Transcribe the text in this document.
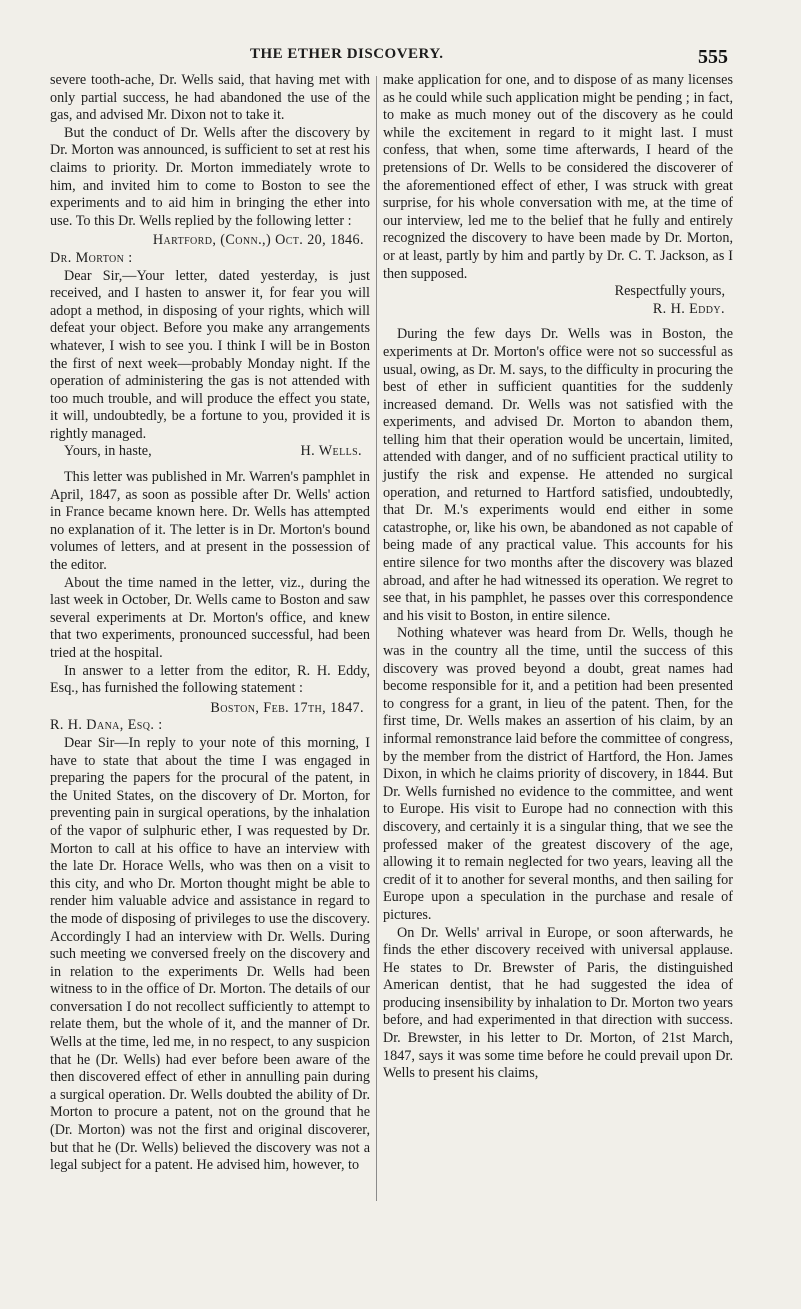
THE ETHER DISCOVERY.	555

severe tooth-ache, Dr. Wells said, that having met with only partial success, he had abandoned the use of the gas, and advised Mr. Dixon not to take it.

But the conduct of Dr. Wells after the discovery by Dr. Morton was announced, is sufficient to set at rest his claims to priority. Dr. Morton immediately wrote to him, and invited him to come to Boston to see the experiments and to aid him in bringing the ether into use. To this Dr. Wells replied by the following letter :

Hartford, (Conn.,) Oct. 20, 1846.

Dr. Morton :

Dear Sir,—Your letter, dated yesterday, is just received, and I hasten to answer it, for fear you will adopt a method, in disposing of your rights, which will defeat your object. Before you make any arrangements whatever, I wish to see you. I think I will be in Boston the first of next week—probably Monday night. If the operation of administering the gas is not attended with too much trouble, and will produce the effect you state, it will, undoubtedly, be a fortune to you, provided it is rightly managed.

Yours, in haste,	H. Wells.

This letter was published in Mr. Warren's pamphlet in April, 1847, as soon as possible after Dr. Wells' action in France became known here. Dr. Wells has attempted no explanation of it. The letter is in Dr. Morton's bound volumes of letters, and at present in the possession of the editor.

About the time named in the letter, viz., during the last week in October, Dr. Wells came to Boston and saw several experiments at Dr. Morton's office, and knew that two experiments, pronounced successful, had been tried at the hospital.

In answer to a letter from the editor, R. H. Eddy, Esq., has furnished the following statement :

Boston, Feb. 17th, 1847.

R. H. Dana, Esq. :

Dear Sir—In reply to your note of this morning, I have to state that about the time I was engaged in preparing the papers for the procural of the patent, in the United States, on the discovery of Dr. Morton, for preventing pain in surgical operations, by the inhalation of the vapor of sulphuric ether, I was requested by Dr. Morton to call at his office to have an interview with the late Dr. Horace Wells, who was then on a visit to this city, and who Dr. Morton thought might be able to render him valuable advice and assistance in regard to the mode of disposing of privileges to use the discovery. Accordingly I had an interview with Dr. Wells. During such meeting we conversed freely on the discovery and in relation to the experiments Dr. Wells had been witness to in the office of Dr. Morton. The details of our conversation I do not recollect sufficiently to attempt to relate them, but the whole of it, and the manner of Dr. Wells at the time, led me, in no respect, to any suspicion that he (Dr. Wells) had ever before been aware of the then discovered effect of ether in annulling pain during a surgical operation. Dr. Wells doubted the ability of Dr. Morton to procure a patent, not on the ground that he (Dr. Morton) was not the first and original discoverer, but that he (Dr. Wells) believed the discovery was not a legal subject for a patent. He advised him, however, to

make application for one, and to dispose of as many licenses as he could while such application might be pending ; in fact, to make as much money out of the discovery as he could while the excitement in regard to it might last. I must confess, that when, some time afterwards, I heard of the pretensions of Dr. Wells to be considered the discoverer of the aforementioned effect of ether, I was struck with great surprise, for his whole conversation with me, at the time of our interview, led me to the belief that he fully and entirely recognized the discovery to have been made by Dr. Morton, or at least, partly by him and partly by Dr. C. T. Jackson, as I then supposed.

Respectfully yours,
R. H. Eddy.

During the few days Dr. Wells was in Boston, the experiments at Dr. Morton's office were not so successful as usual, owing, as Dr. M. says, to the difficulty in procuring the best of ether in sufficient quantities for the suddenly increased demand. Dr. Wells was not satisfied with the experiments, and advised Dr. Morton to abandon them, telling him that their operation would be uncertain, limited, attended with danger, and of no sufficient practical utility to justify the risk and expense. He attended no surgical operation, and returned to Hartford satisfied, undoubtedly, that Dr. M.'s experiments would end either in some catastrophe, or, like his own, be abandoned as not capable of being made of any practical value. This accounts for his entire silence for two months after the discovery was blazed abroad, and after he had witnessed its operation. We regret to see that, in his pamphlet, he passes over this correspondence and his visit to Boston, in entire silence.

Nothing whatever was heard from Dr. Wells, though he was in the country all the time, until the success of this discovery was proved beyond a doubt, great names had become responsible for it, and a petition had been presented to congress for a grant, in lieu of the patent. Then, for the first time, Dr. Wells makes an assertion of his claim, by an informal remonstrance laid before the committee of congress, by the member from the district of Hartford, the Hon. James Dixon, in which he claims priority of discovery, in 1844. But Dr. Wells furnished no evidence to the committee, and went to Europe. His visit to Europe had no connection with this discovery, and certainly it is a singular thing, that we see the professed maker of the greatest discovery of the age, allowing it to remain neglected for two years, leaving all the credit of it to another for several months, and then sailing for Europe upon a speculation in the purchase and resale of pictures.

On Dr. Wells' arrival in Europe, or soon afterwards, he finds the ether discovery received with universal applause. He states to Dr. Brewster of Paris, the distinguished American dentist, that he had suggested the idea of producing insensibility by inhalation to Dr. Morton two years before, and had experimented in that direction with success. Dr. Brewster, in his letter to Dr. Morton, of 21st March, 1847, says it was some time before he could prevail upon Dr. Wells to present his claims,
